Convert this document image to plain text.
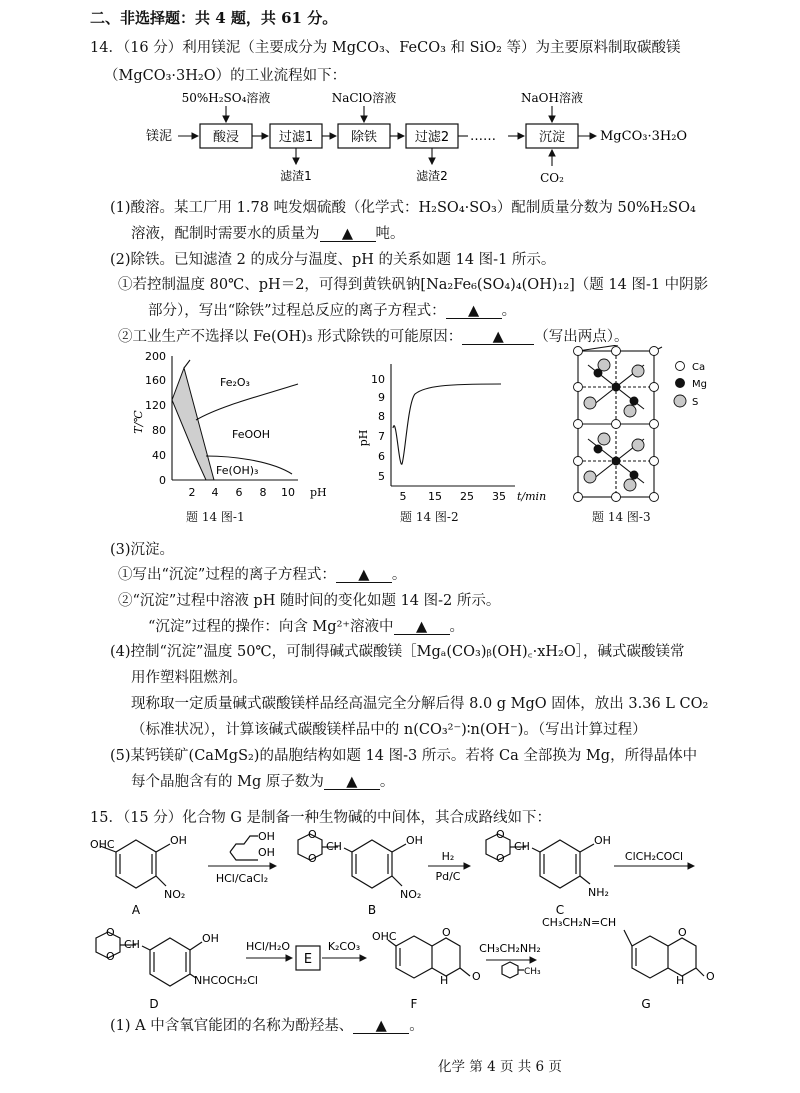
二、非选择题：共 4 题，共 61 分。
14．（16 分）利用镁泥（主要成分为 MgCO₃、FeCO₃ 和 SiO₂ 等）为主要原料制取碳酸镁
（MgCO₃·3H₂O）的工业流程如下：
镁泥	酸浸	过滤1	除铁	过滤2 ……	沉淀	MgCO₃·3H₂O
50%H₂SO₄溶液	NaClO溶液	NaOH溶液
滤渣1	滤渣2	CO₂
(1)酸溶。某工厂用 1.78 吨发烟硫酸（化学式：H₂SO₄·SO₃）配制质量分数为 50%H₂SO₄
溶液，配制时需要水的质量为 ▲ 吨。
(2)除铁。已知滤渣 2 的成分与温度、pH 的关系如题 14 图-1 所示。
①若控制温度 80℃、pH＝2，可得到黄铁矾钠[Na₂Fe₆(SO₄)₄(OH)₁₂]（题 14 图-1 中阴影
部分），写出“除铁”过程总反应的离子方程式： ▲ 。
②工业生产不选择以 Fe(OH)₃ 形式除铁的可能原因： ▲ （写出两点）。
T/℃
0
40
80
120
160
200
2 4 6 8 10 pH
Fe₂O₃
FeOOH
Fe(OH)₃
题 14 图-1
pH
5
6
7
8
9
10
5 15 25 35 t/min
题 14 图-2
Ca
Mg
S
题 14 图-3
(3)沉淀。
①写出“沉淀”过程的离子方程式： ▲ 。
②“沉淀”过程中溶液 pH 随时间的变化如题 14 图-2 所示。
“沉淀”过程的操作：向含 Mg²⁺溶液中 ▲ 。
(4)控制“沉淀”温度 50℃，可制得碱式碳酸镁［Mgₐ(CO₃)ᵦ(OH)꜀·xH₂O］，碱式碳酸镁常
用作塑料阻燃剂。
现称取一定质量碱式碳酸镁样品经高温完全分解后得 8.0 g MgO 固体，放出 3.36 L CO₂
（标准状况），计算该碱式碳酸镁样品中的 n(CO₃²⁻)∶n(OH⁻)。（写出计算过程）
(5)某钙镁矿(CaMgS₂)的晶胞结构如题 14 图-3 所示。若将 Ca 全部换为 Mg，所得晶体中
每个晶胞含有的 Mg 原子数为 ▲ 。
15．（15 分）化合物 G 是制备一种生物碱的中间体，其合成路线如下：
OHC	OH
NO₂
A
OH
OH
HCl/CaCl₂
O
O
CH	OH
NO₂
B
H₂
Pd/C
O
O
CH	OH
NH₂
C
ClCH₂COCl
O
O
CH	OH
NHCOCH₂Cl
D
HCl/H₂O
E
K₂CO₃
OHC	O
H O
F
CH₃CH₂NH₂
CH₃
CH₃CH₂N=CH
O
H O
G
(1) A 中含氧官能团的名称为酚羟基、 ▲ 。
化学 第 4 页 共 6 页
